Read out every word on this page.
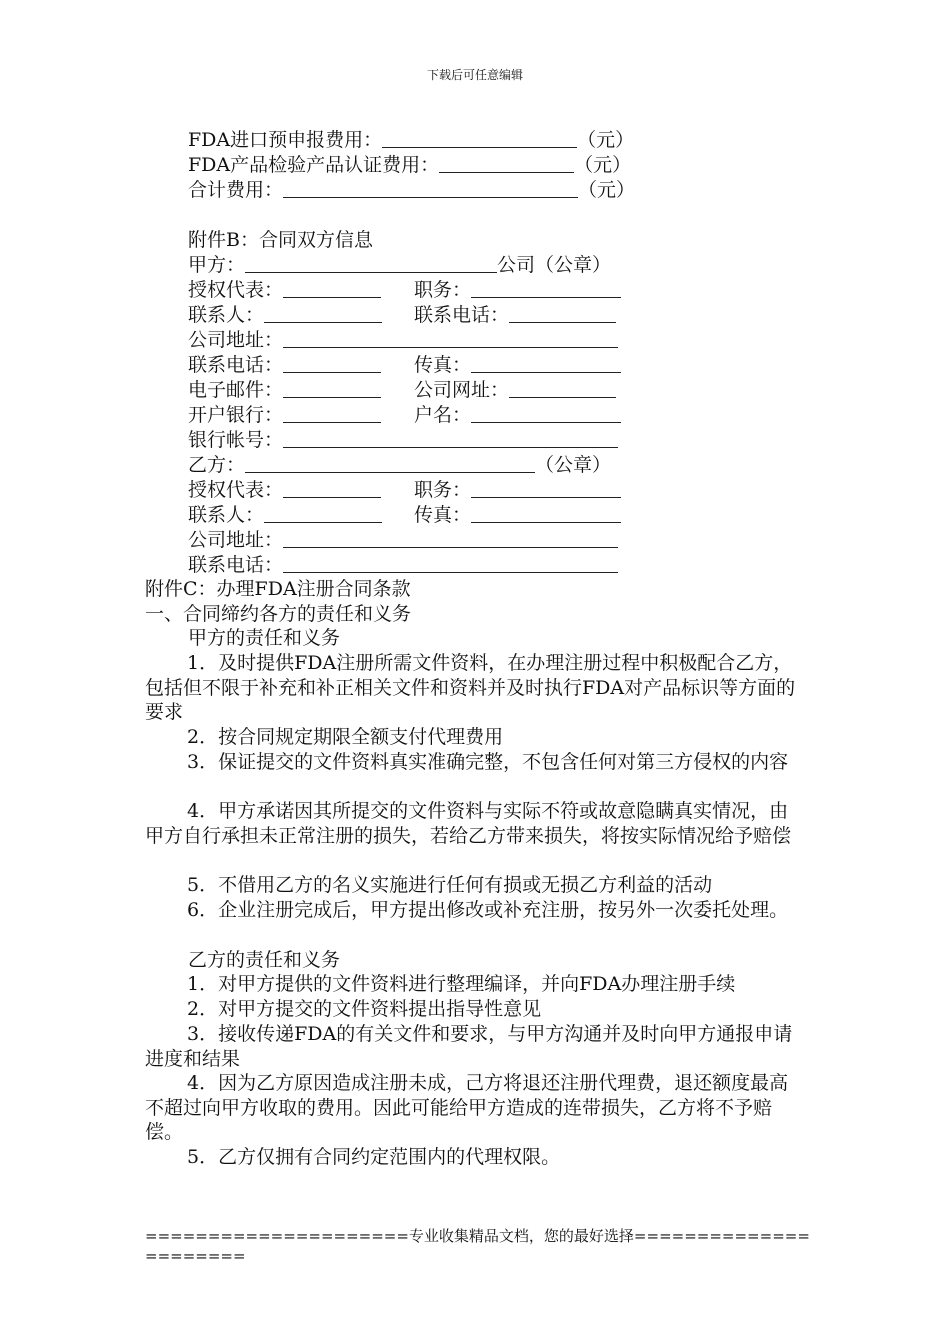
下载后可任意编辑
FDA进口预申报费用：	（元）
FDA产品检验产品认证费用：	（元）
合计费用：	（元）
附件B：合同双方信息
甲方：	公司（公章）
授权代表：	职务：
联系人：	联系电话：
公司地址：
联系电话：	传真：
电子邮件：	公司网址：
开户银行：	户名：
银行帐号：
乙方：	（公章）
授权代表：	职务：
联系人：	传真：
公司地址：
联系电话：
附件C：办理FDA注册合同条款
一、合同缔约各方的责任和义务
甲方的责任和义务
1．及时提供FDA注册所需文件资料，在办理注册过程中积极配合乙方，包括但不限于补充和补正相关文件和资料并及时执行FDA对产品标识等方面的要求
2．按合同规定期限全额支付代理费用
3．保证提交的文件资料真实准确完整，不包含任何对第三方侵权的内容
4．甲方承诺因其所提交的文件资料与实际不符或故意隐瞒真实情况，由甲方自行承担未正常注册的损失，若给乙方带来损失，将按实际情况给予赔偿
5．不借用乙方的名义实施进行任何有损或无损乙方利益的活动
6．企业注册完成后，甲方提出修改或补充注册，按另外一次委托处理。
乙方的责任和义务
1．对甲方提供的文件资料进行整理编译，并向FDA办理注册手续
2．对甲方提交的文件资料提出指导性意见
3．接收传递FDA的有关文件和要求，与甲方沟通并及时向甲方通报申请进度和结果
4．因为乙方原因造成注册未成，己方将退还注册代理费，退还额度最高不超过向甲方收取的费用。因此可能给甲方造成的连带损失，乙方将不予赔偿。
5．乙方仅拥有合同约定范围内的代理权限。
=====================专业收集精品文档，您的最好选择======================
